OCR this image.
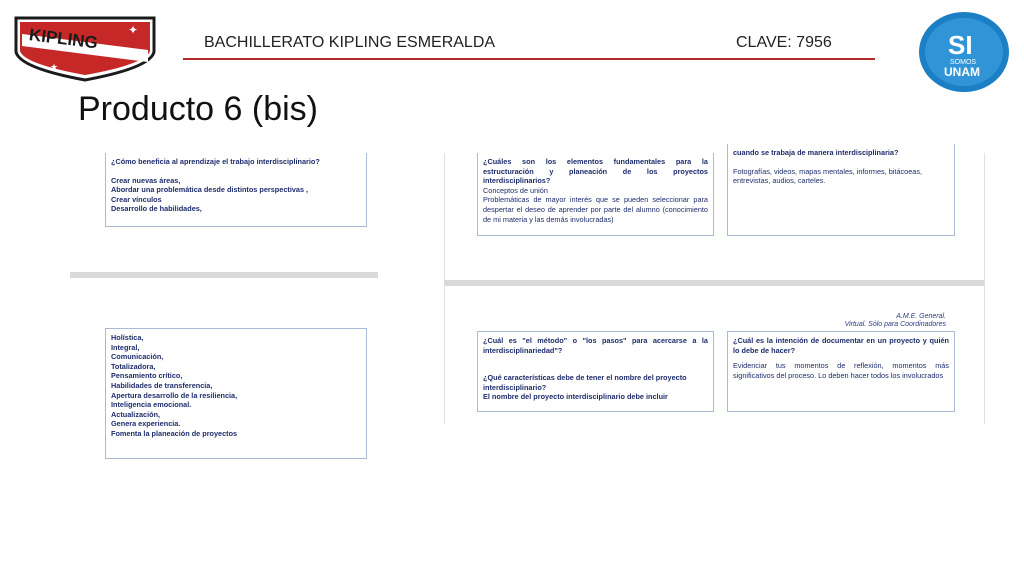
KIPLING ✦
★
BACHILLERATO KIPLING ESMERALDA	CLAVE: 7956	SI
SOMOS
UNAM
Producto 6 (bis)

¿Cómo beneficia al aprendizaje el trabajo interdisciplinario?

Crear nuevas áreas,

Abordar una problemática desde distintos perspectivas ,

Crear vínculos

Desarrollo de habilidades,

Holística,

Integral,

Comunicación,

Totalizadora,

Pensamiento crítico,

Habilidades de transferencia,

Apertura desarrollo de la resiliencia,

Inteligencia emocional.

Actualización,

Genera experiencia.

Fomenta la planeación de proyectos

¿Cuáles son los elementos fundamentales para la estructuración y planeación de los proyectos interdisciplinarios?

Conceptos de unión

Problemáticas de mayor interés que se pueden seleccionar para despertar el deseo de aprender por parte del alumno (conocimiento de mi materia y las demás involucradas)

cuando se trabaja de manera interdisciplinaria?

Fotografías, videos, mapas mentales, informes, bitácoeas, entrevistas, audios, carteles.

A.M.E. General.

Virtual. Sólo para Coordinadores

¿Cuál es "el método" o "los pasos" para acercarse a la interdisciplinariedad"?

¿Qué características debe de tener el nombre del proyecto interdisciplinario?

El nombre del proyecto interdisciplinario debe incluir

¿Cuál es la intención de documentar en un proyecto y quién lo debe de hacer?

Evidenciar tus momentos de reflexión, momentos más significativos del proceso. Lo deben hacer todos los involucrados
